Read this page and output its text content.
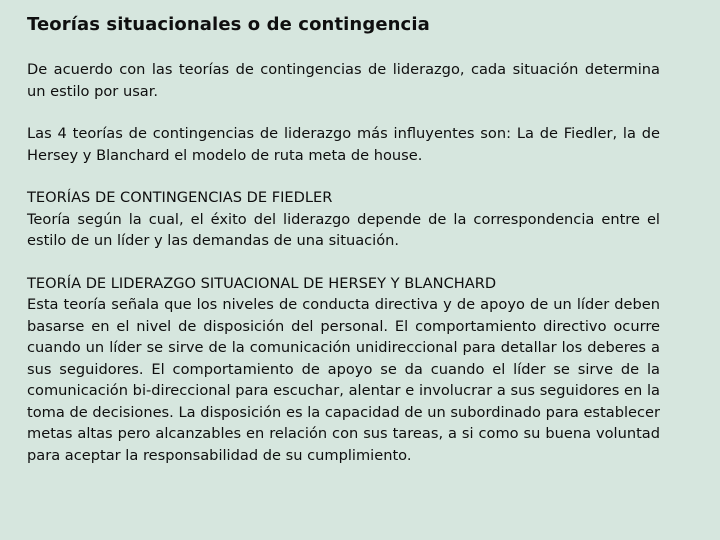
Teorías situacionales o de contingencia
De acuerdo con las teorías de contingencias de liderazgo, cada situación determina un estilo por usar.
Las 4 teorías de contingencias de liderazgo más influyentes son: La de Fiedler, la de Hersey y Blanchard el modelo de ruta meta de house.
TEORÍAS DE CONTINGENCIAS DE FIEDLER
Teoría según la cual, el éxito del liderazgo depende de la correspondencia entre el estilo de un líder y las demandas de una situación.
TEORÍA DE LIDERAZGO SITUACIONAL DE HERSEY Y BLANCHARD
Esta teoría señala que los niveles de conducta directiva y de apoyo de un líder deben basarse en el nivel de disposición del personal. El comportamiento directivo ocurre cuando un líder se sirve de la comunicación unidireccional para detallar los deberes a sus seguidores. El comportamiento de apoyo se da cuando el líder se sirve de la comunicación bi-direccional para escuchar, alentar e involucrar a sus seguidores en la toma de decisiones. La disposición es la capacidad de un subordinado para establecer metas altas pero alcanzables en relación con sus tareas, a si como su buena voluntad para aceptar la responsabilidad de su cumplimiento.
